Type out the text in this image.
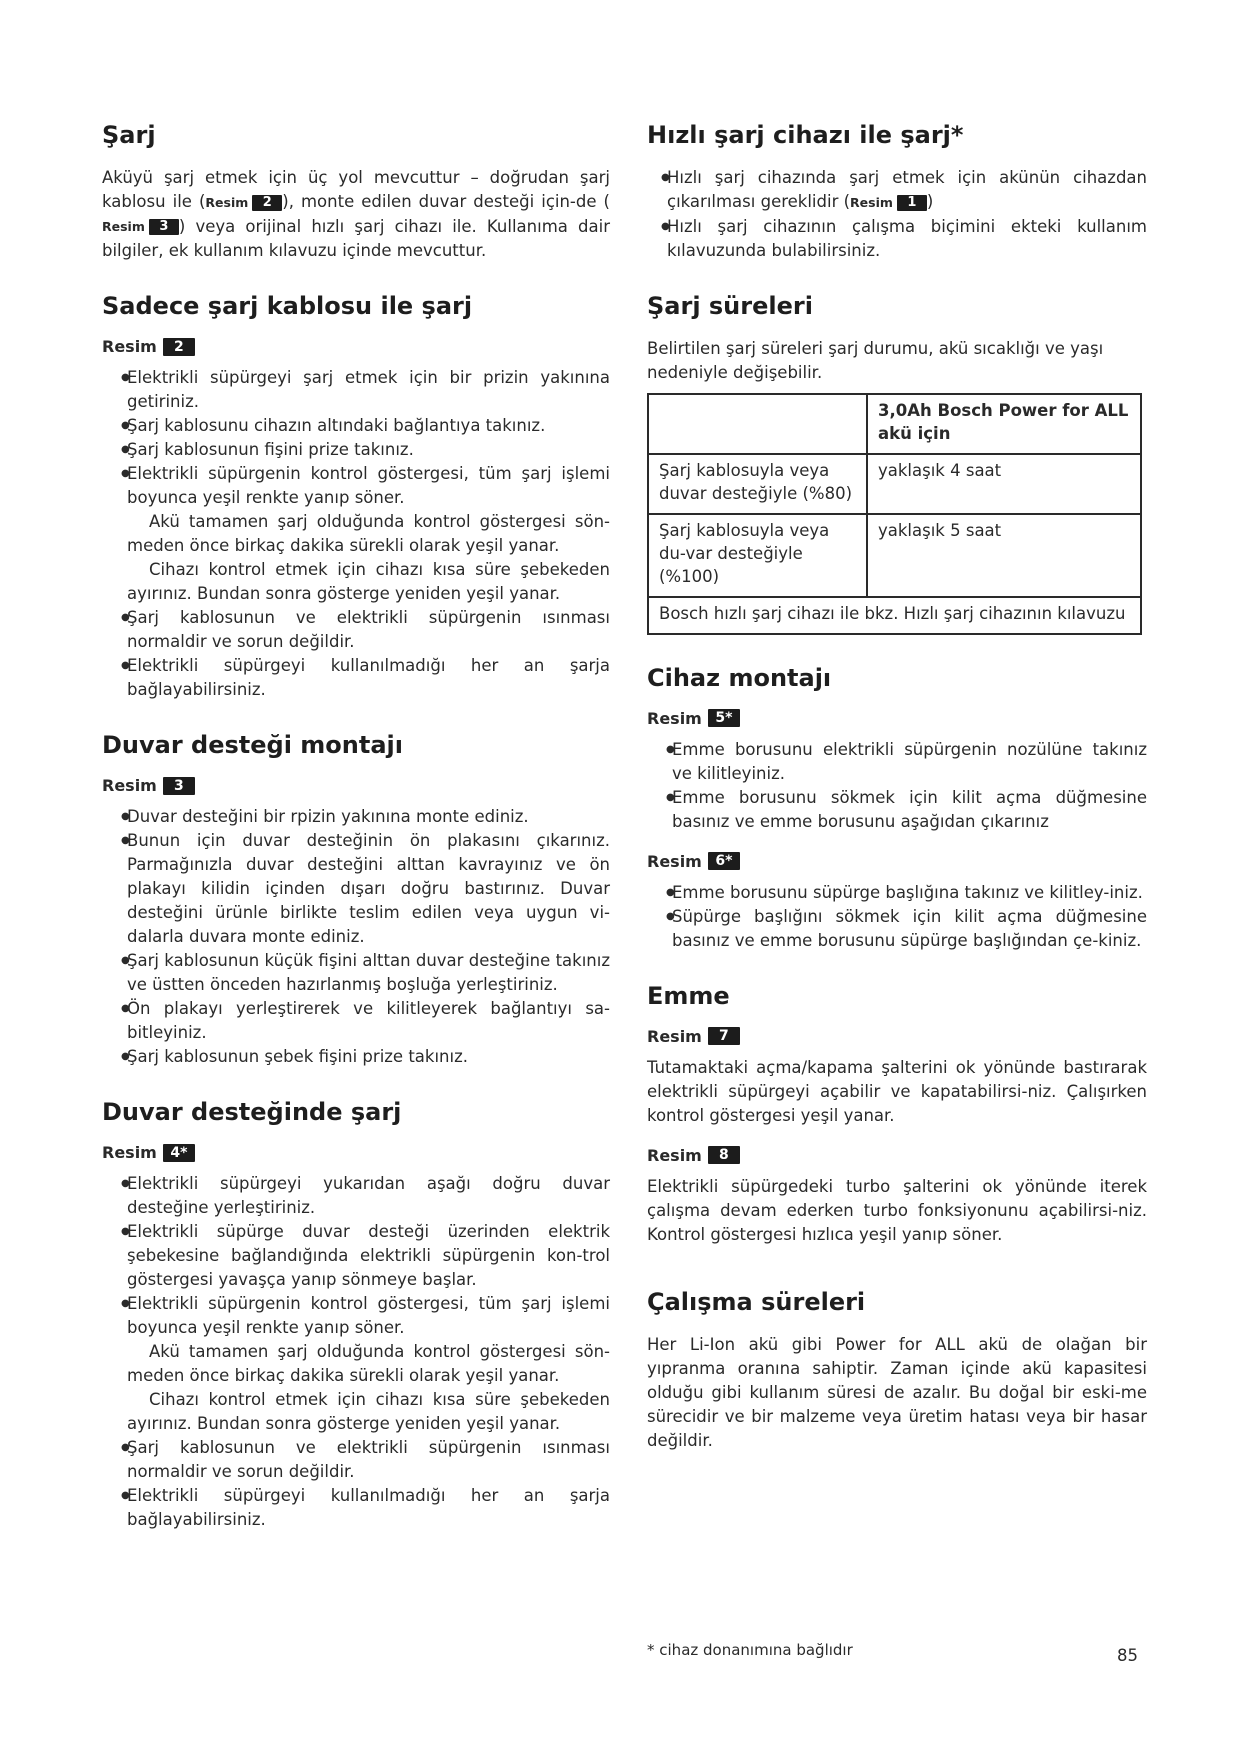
Şarj

Aküyü şarj etmek için üç yol mevcuttur – doğrudan şarj kablosu ile ( Resim	2 ), monte edilen duvar desteği için-de (
Resim	3 ) veya orijinal hızlı şarj cihazı ile. Kullanıma dair bilgiler, ek kullanım kılavuzu içinde mevcuttur.

Sadece şarj kablosu ile şarj
Resim	2
● Elektrikli süpürgeyi şarj etmek için bir prizin yakınına getiriniz.
● Şarj kablosunu cihazın altındaki bağlantıya takınız.
● Şarj kablosunun fişini prize takınız.
● Elektrikli süpürgenin kontrol göstergesi, tüm şarj işlemi boyunca yeşil renkte yanıp söner.
Akü tamamen şarj olduğunda kontrol göstergesi sön-meden önce birkaç dakika sürekli olarak yeşil yanar.
Cihazı kontrol etmek için cihazı kısa süre şebekeden ayırınız. Bundan sonra gösterge yeniden yeşil yanar.
● Şarj kablosunun ve elektrikli süpürgenin ısınması normaldir ve sorun değildir.
● Elektrikli süpürgeyi kullanılmadığı her an şarja bağlayabilirsiniz.
Duvar desteği montajı
Resim	3
● Duvar desteğini bir rpizin yakınına monte ediniz.
● Bunun için duvar desteğinin ön plakasını çıkarınız. Parmağınızla duvar desteğini alttan kavrayınız ve ön plakayı kilidin içinden dışarı doğru bastırınız. Duvar desteğini ürünle birlikte teslim edilen veya uygun vi-dalarla duvara monte ediniz.
● Şarj kablosunun küçük fişini alttan duvar desteğine takınız ve üstten önceden hazırlanmış boşluğa yerleştiriniz.
● Ön plakayı yerleştirerek ve kilitleyerek bağlantıyı sa-bitleyiniz.
● Şarj kablosunun şebek fişini prize takınız.
Duvar desteğinde şarj
Resim 4*
● Elektrikli süpürgeyi yukarıdan aşağı doğru duvar desteğine yerleştiriniz.
● Elektrikli süpürge duvar desteği üzerinden elektrik şebekesine bağlandığında elektrikli süpürgenin kon-trol göstergesi yavaşça yanıp sönmeye başlar.
● Elektrikli süpürgenin kontrol göstergesi, tüm şarj işlemi boyunca yeşil renkte yanıp söner.
Akü tamamen şarj olduğunda kontrol göstergesi sön-meden önce birkaç dakika sürekli olarak yeşil yanar.
Cihazı kontrol etmek için cihazı kısa süre şebekeden ayırınız. Bundan sonra gösterge yeniden yeşil yanar.
● Şarj kablosunun ve elektrikli süpürgenin ısınması normaldir ve sorun değildir.
● Elektrikli süpürgeyi kullanılmadığı her an şarja bağlayabilirsiniz.
Hızlı şarj cihazı ile şarj*
● Hızlı şarj cihazında şarj etmek için akünün cihazdan çıkarılması gereklidir ( Resim	1 )
● Hızlı şarj cihazının çalışma biçimini ekteki kullanım kılavuzunda bulabilirsiniz.
Şarj süreleri

Belirtilen şarj süreleri şarj durumu, akü sıcaklığı ve yaşı nedeniyle değişebilir.

	3,0Ah Bosch Power for ALL akü için
Şarj kablosuyla veya duvar desteğiyle (%80)	yaklaşık 4 saat
Şarj kablosuyla veya du-var desteğiyle (%100)	yaklaşık 5 saat
Bosch hızlı şarj cihazı ile bkz. Hızlı şarj cihazının kılavuzu	
Cihaz montajı
Resim 5*
● Emme borusunu elektrikli süpürgenin nozülüne takınız ve kilitleyiniz.
● Emme borusunu sökmek için kilit açma düğmesine basınız ve emme borusunu aşağıdan çıkarınız
Resim 6*
● Emme borusunu süpürge başlığına takınız ve kilitley-iniz.
● Süpürge başlığını sökmek için kilit açma düğmesine basınız ve emme borusunu süpürge başlığından çe-kiniz.
Emme
Resim	7

Tutamaktaki açma/kapama şalterini ok yönünde bastırarak elektrikli süpürgeyi açabilir ve kapatabilirsi-niz. Çalışırken kontrol göstergesi yeşil yanar.

Resim	8

Elektrikli süpürgedeki turbo şalterini ok yönünde iterek çalışma devam ederken turbo fonksiyonunu açabilirsi-niz. Kontrol göstergesi hızlıca yeşil yanıp söner.

Çalışma süreleri

Her Li-Ion akü gibi Power for ALL akü de olağan bir yıpranma oranına sahiptir. Zaman içinde akü kapasitesi olduğu gibi kullanım süresi de azalır. Bu doğal bir eski-me sürecidir ve bir malzeme veya üretim hatası veya bir hasar değildir.

* cihaz donanımına bağlıdır	85
